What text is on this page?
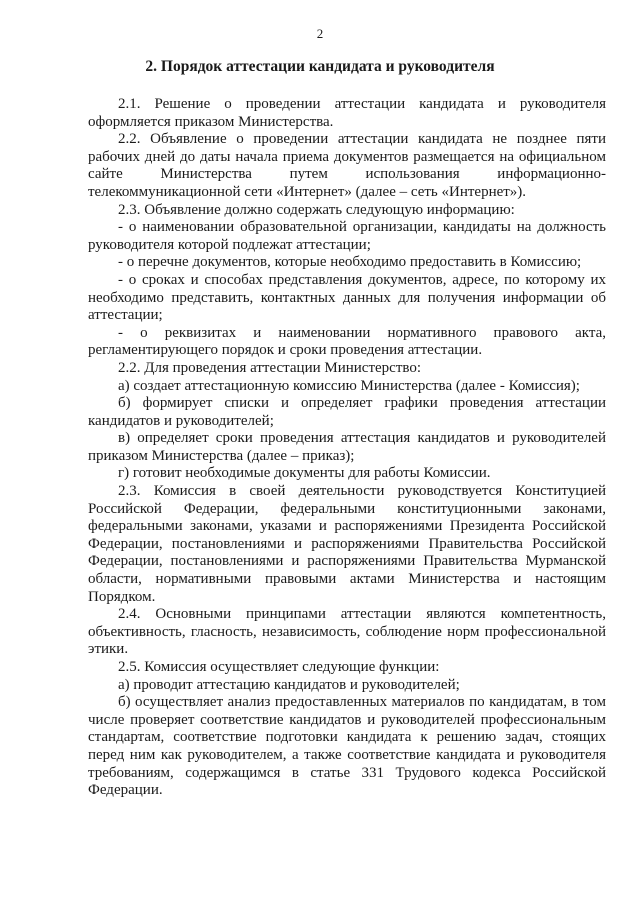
2
2. Порядок аттестации кандидата и руководителя

2.1. Решение о проведении аттестации кандидата и руководителя оформляется приказом Министерства.

2.2. Объявление о проведении аттестации кандидата не позднее пяти рабочих дней до даты начала приема документов размещается на официальном сайте Министерства путем использования информационно-телекоммуникационной сети «Интернет» (далее – сеть «Интернет»).

2.3. Объявление должно содержать следующую информацию:

- о наименовании образовательной организации, кандидаты на должность руководителя которой подлежат аттестации;

- о перечне документов, которые необходимо предоставить в Комиссию;

- о сроках и способах представления документов, адресе, по которому их необходимо представить, контактных данных для получения информации об аттестации;

- о реквизитах и наименовании нормативного правового акта, регламентирующего порядок и сроки проведения аттестации.

2.2. Для проведения аттестации Министерство:

а) создает аттестационную комиссию Министерства (далее - Комиссия);

б) формирует списки и определяет графики проведения аттестации кандидатов и руководителей;

в) определяет сроки проведения аттестация кандидатов и руководителей приказом Министерства (далее – приказ);

г) готовит необходимые документы для работы Комиссии.

2.3. Комиссия в своей деятельности руководствуется Конституцией Российской Федерации, федеральными конституционными законами, федеральными законами, указами и распоряжениями Президента Российской Федерации, постановлениями и распоряжениями Правительства Российской Федерации, постановлениями и распоряжениями Правительства Мурманской области, нормативными правовыми актами Министерства и настоящим Порядком.

2.4. Основными принципами аттестации являются компетентность, объективность, гласность, независимость, соблюдение норм профессиональной этики.

2.5. Комиссия осуществляет следующие функции:

а) проводит аттестацию кандидатов и руководителей;

б) осуществляет анализ предоставленных материалов по кандидатам, в том числе проверяет соответствие кандидатов и руководителей профессиональным стандартам, соответствие подготовки кандидата к решению задач, стоящих перед ним как руководителем, а также соответствие кандидата и руководителя требованиям, содержащимся в статье 331 Трудового кодекса Российской Федерации.
